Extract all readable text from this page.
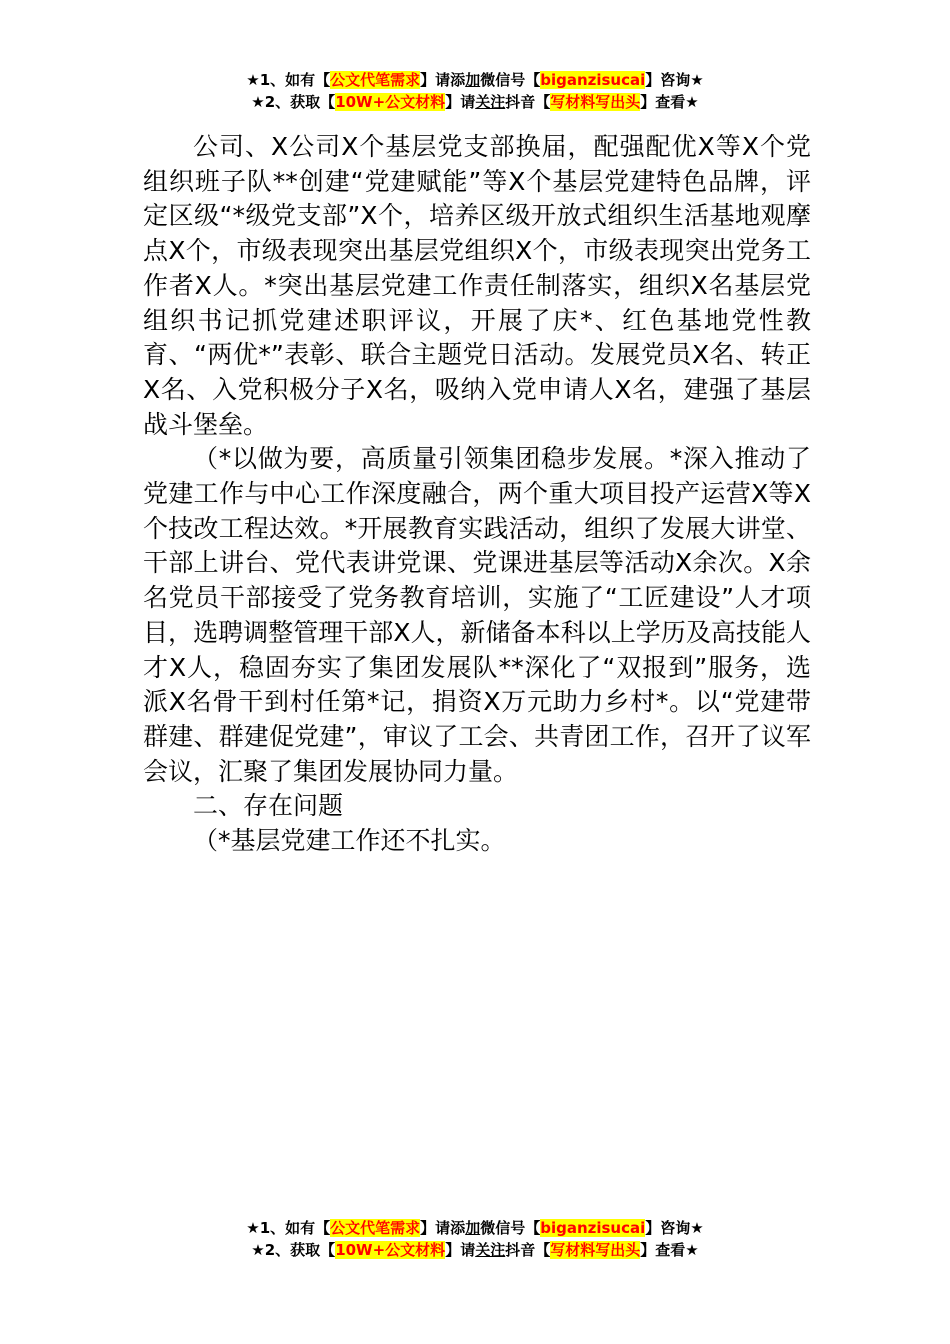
★1、如有【公文代笔需求】请添加微信号【biganzisucai】咨询★
★2、获取【10W+公文材料】请关注抖音【写材料写出头】查看★

公司、X公司X个基层党支部换届，配强配优X等X个党组织班子队**创建“党建赋能”等X个基层党建特色品牌，评定区级“*级党支部”X个，培养区级开放式组织生活基地观摩点X个，市级表现突出基层党组织X个，市级表现突出党务工作者X人。*突出基层党建工作责任制落实，组织X名基层党组织书记抓党建述职评议，开展了庆*、红色基地党性教育、“两优*”表彰、联合主题党日活动。发展党员X名、转正X名、入党积极分子X名，吸纳入党申请人X名，建强了基层战斗堡垒。

（*以做为要，高质量引领集团稳步发展。*深入推动了党建工作与中心工作深度融合，两个重大项目投产运营X等X个技改工程达效。*开展教育实践活动，组织了发展大讲堂、干部上讲台、党代表讲党课、党课进基层等活动X余次。X余名党员干部接受了党务教育培训，实施了“工匠建设”人才项目，选聘调整管理干部X人，新储备本科以上学历及高技能人才X人，稳固夯实了集团发展队**深化了“双报到”服务，选派X名骨干到村任第*记，捐资X万元助力乡村*。以“党建带群建、群建促党建”，审议了工会、共青团工作，召开了议军会议，汇聚了集团发展协同力量。

二、存在问题

（*基层党建工作还不扎实。

★1、如有【公文代笔需求】请添加微信号【biganzisucai】咨询★
★2、获取【10W+公文材料】请关注抖音【写材料写出头】查看★
